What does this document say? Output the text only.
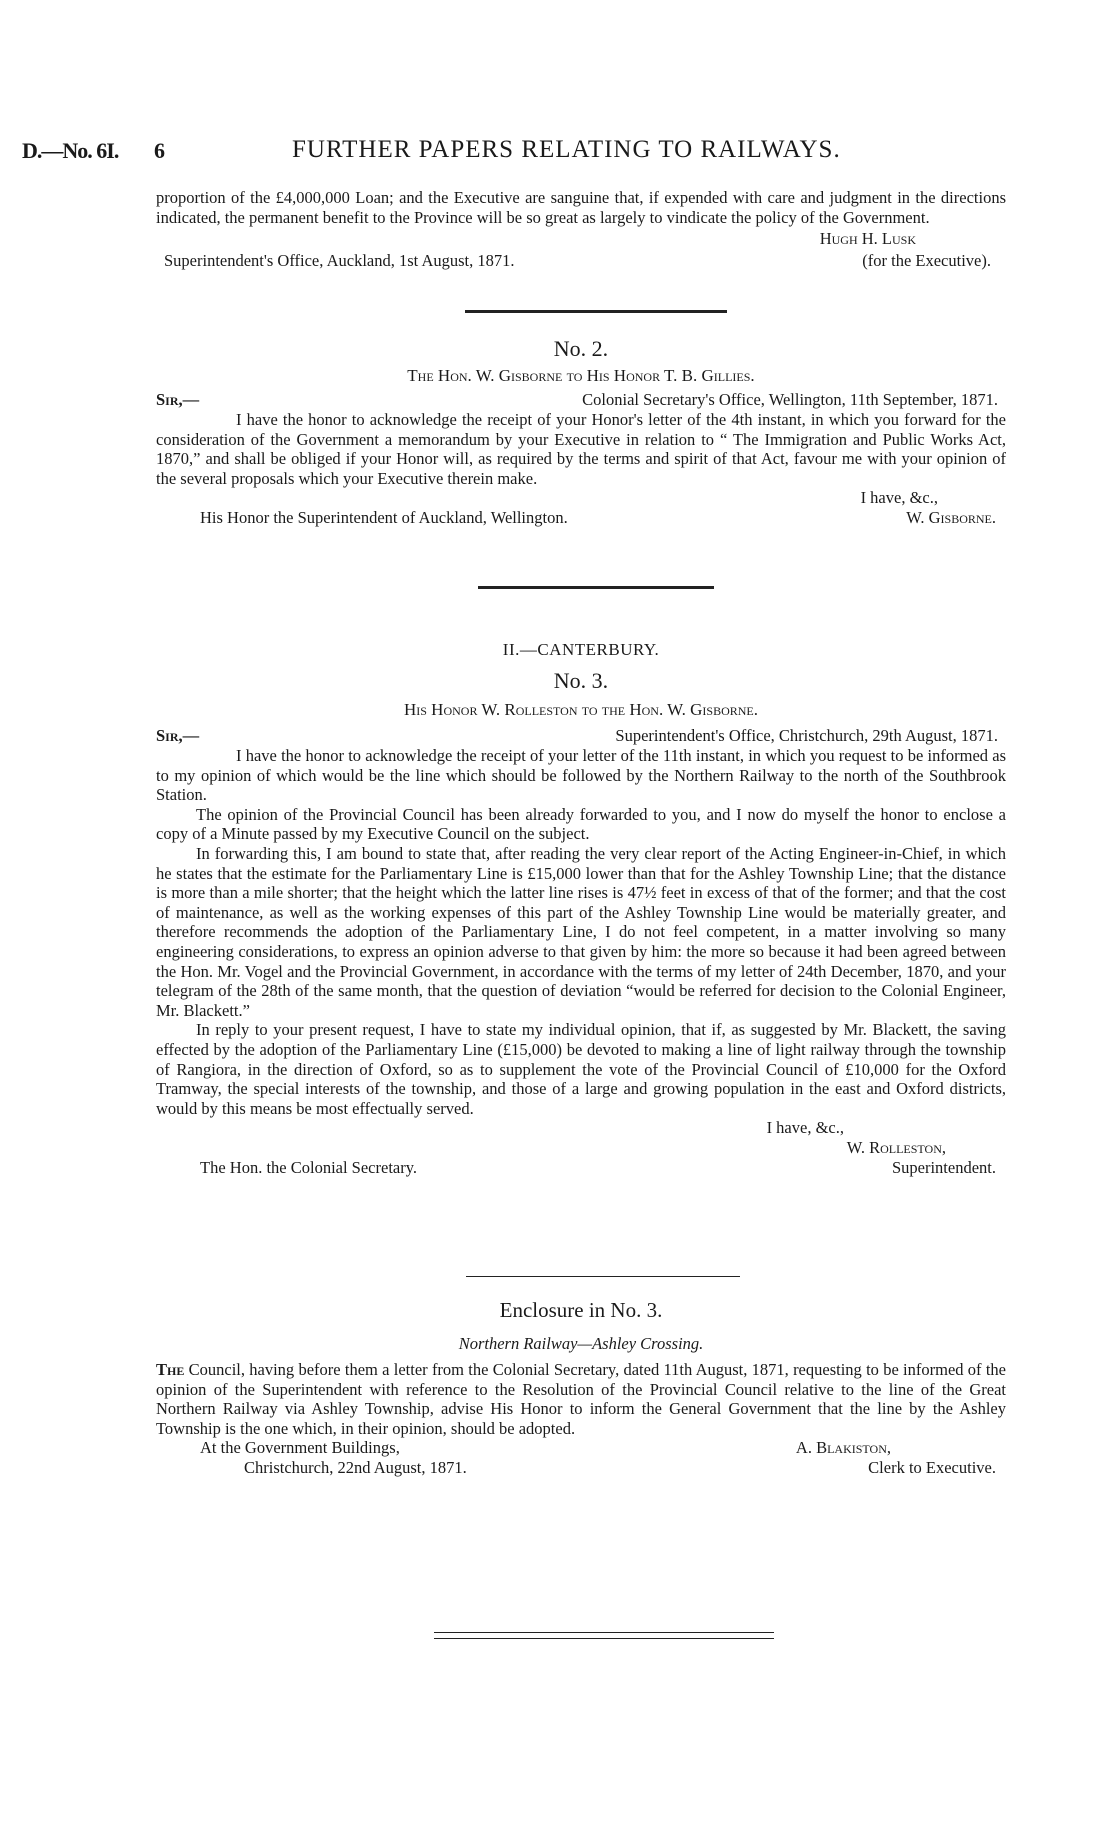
D.—No. 6I. 6	FURTHER PAPERS RELATING TO RAILWAYS.

proportion of the £4,000,000 Loan; and the Executive are sanguine that, if expended with care and judgment in the directions indicated, the permanent benefit to the Province will be so great as largely to vindicate the policy of the Government.

Hugh H. Lusk
Superintendent's Office, Auckland, 1st August, 1871.	(for the Executive).
No. 2.
The Hon. W. Gisborne to His Honor T. B. Gillies.
Sir,—	Colonial Secretary's Office, Wellington, 11th September, 1871.

I have the honor to acknowledge the receipt of your Honor's letter of the 4th instant, in which you forward for the consideration of the Government a memorandum by your Executive in relation to “ The Immigration and Public Works Act, 1870,” and shall be obliged if your Honor will, as required by the terms and spirit of that Act, favour me with your opinion of the several proposals which your Executive therein make.

I have, &c.,
His Honor the Superintendent of Auckland, Wellington.	W. Gisborne.
II.—CANTERBURY.
No. 3.
His Honor W. Rolleston to the Hon. W. Gisborne.
Sir,—	Superintendent's Office, Christchurch, 29th August, 1871.

I have the honor to acknowledge the receipt of your letter of the 11th instant, in which you request to be informed as to my opinion of which would be the line which should be followed by the Northern Railway to the north of the Southbrook Station.

The opinion of the Provincial Council has been already forwarded to you, and I now do myself the honor to enclose a copy of a Minute passed by my Executive Council on the subject.

In forwarding this, I am bound to state that, after reading the very clear report of the Acting Engineer-in-Chief, in which he states that the estimate for the Parliamentary Line is £15,000 lower than that for the Ashley Township Line; that the distance is more than a mile shorter; that the height which the latter line rises is 47½ feet in excess of that of the former; and that the cost of maintenance, as well as the working expenses of this part of the Ashley Township Line would be materially greater, and therefore recommends the adoption of the Parliamentary Line, I do not feel competent, in a matter involving so many engineering considerations, to express an opinion adverse to that given by him: the more so because it had been agreed between the Hon. Mr. Vogel and the Provincial Government, in accordance with the terms of my letter of 24th December, 1870, and your telegram of the 28th of the same month, that the question of deviation “would be referred for decision to the Colonial Engineer, Mr. Blackett.”

In reply to your present request, I have to state my individual opinion, that if, as suggested by Mr. Blackett, the saving effected by the adoption of the Parliamentary Line (£15,000) be devoted to making a line of light railway through the township of Rangiora, in the direction of Oxford, so as to supplement the vote of the Provincial Council of £10,000 for the Oxford Tramway, the special interests of the township, and those of a large and growing population in the east and Oxford districts, would by this means be most effectually served.

I have, &c.,
W. Rolleston,
The Hon. the Colonial Secretary.	Superintendent.
Enclosure in No. 3.
Northern Railway—Ashley Crossing.

The Council, having before them a letter from the Colonial Secretary, dated 11th August, 1871, requesting to be informed of the opinion of the Superintendent with reference to the Resolution of the Provincial Council relative to the line of the Great Northern Railway via Ashley Township, advise His Honor to inform the General Government that the line by the Ashley Township is the one which, in their opinion, should be adopted.

At the Government Buildings,	A. Blakiston,
Christchurch, 22nd August, 1871.	Clerk to Executive.
